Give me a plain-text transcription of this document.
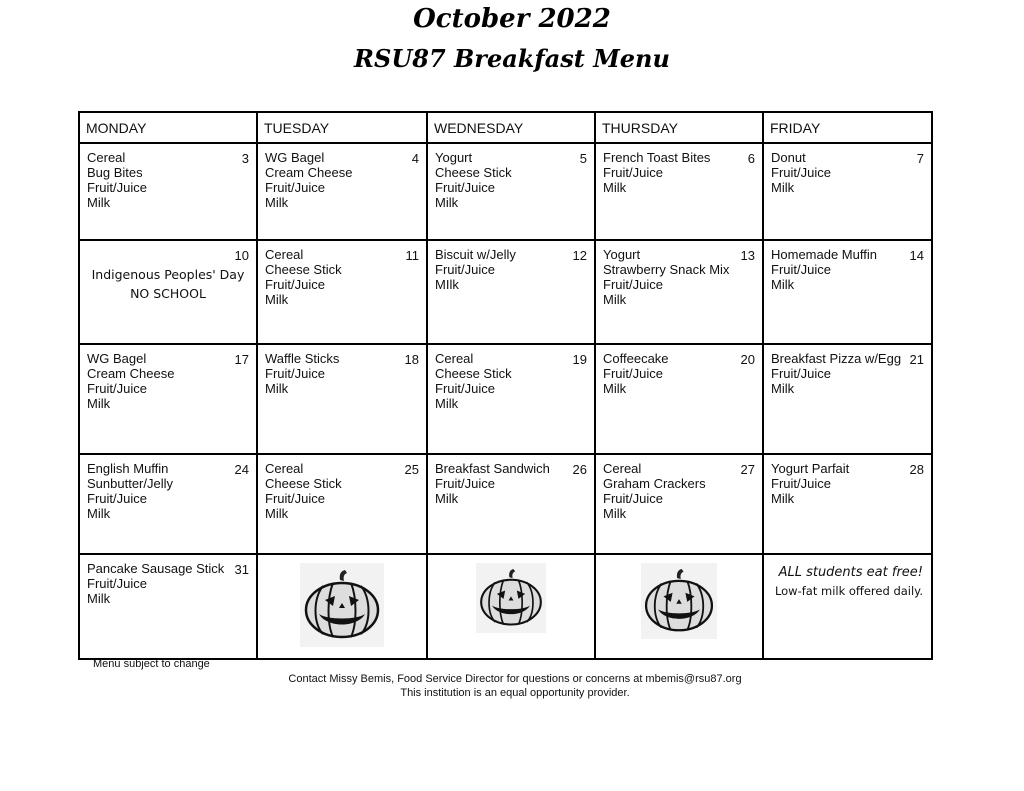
October 2022
RSU87 Breakfast Menu
MONDAY	TUESDAY	WEDNESDAY	THURSDAY	FRIDAY

3
Cereal
Bug Bites
Fruit/Juice
Milk	4
WG Bagel
Cream Cheese
Fruit/Juice
Milk	5
Yogurt
Cheese Stick
Fruit/Juice
Milk	6
French Toast Bites
Fruit/Juice
Milk	7
Donut
Fruit/Juice
Milk

10
Indigenous Peoples' Day
NO SCHOOL	11
Cereal
Cheese Stick
Fruit/Juice
Milk	12
Biscuit w/Jelly
Fruit/Juice
MIlk	13
Yogurt
Strawberry Snack Mix
Fruit/Juice
Milk	14
Homemade Muffin
Fruit/Juice
Milk

17
WG Bagel
Cream Cheese
Fruit/Juice
Milk	18
Waffle Sticks
Fruit/Juice
Milk	19
Cereal
Cheese Stick
Fruit/Juice
Milk	20
Coffeecake
Fruit/Juice
Milk	21
Breakfast Pizza w/Egg
Fruit/Juice
Milk

24
English Muffin
Sunbutter/Jelly
Fruit/Juice
Milk	25
Cereal
Cheese Stick
Fruit/Juice
Milk	26
Breakfast Sandwich
Fruit/Juice
Milk	27
Cereal
Graham Crackers
Fruit/Juice
Milk	28
Yogurt Parfait
Fruit/Juice
Milk

31
Pancake Sausage Stick
Fruit/Juice
Milk				ALL students eat free!
Low-fat milk offered daily.
Menu subject to change
Contact Missy Bemis, Food Service Director for questions or concerns at mbemis@rsu87.org
This institution is an equal opportunity provider.
